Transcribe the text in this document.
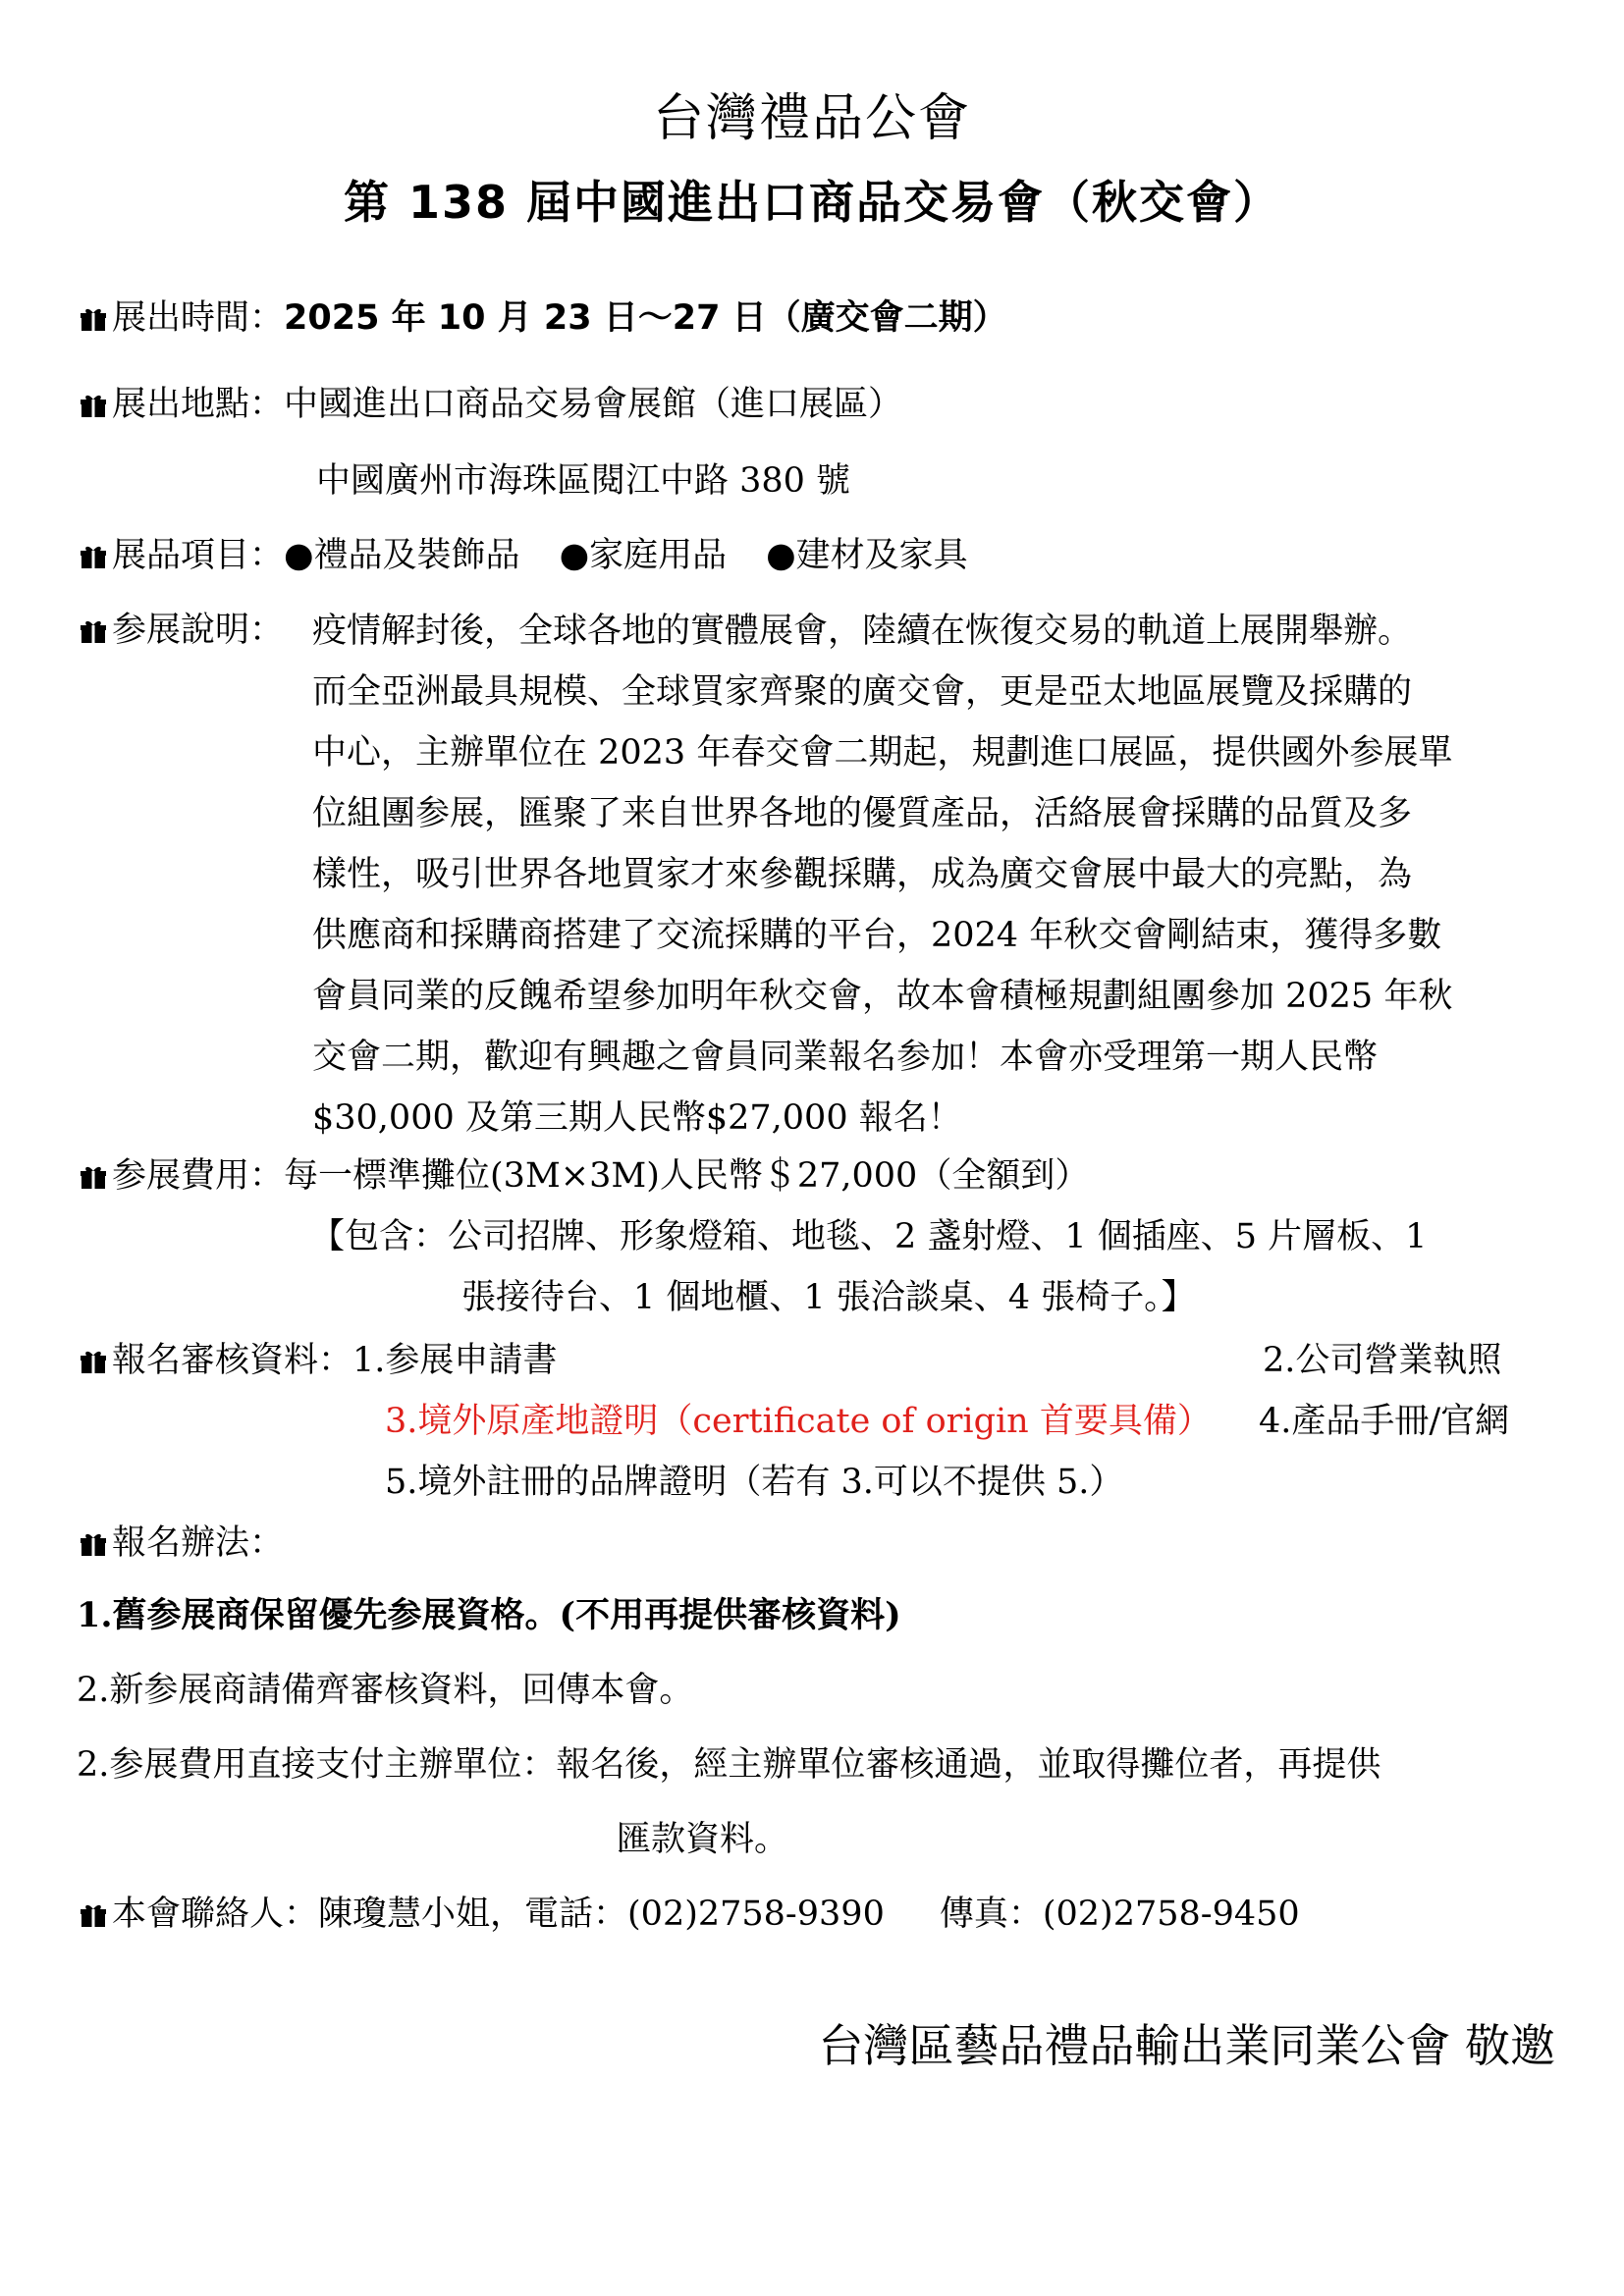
台灣禮品公會
第 138 屆中國進出口商品交易會（秋交會）
展出時間：2025 年 10 月 23 日～27 日（廣交會二期）
展出地點：中國進出口商品交易會展館（進口展區）
中國廣州市海珠區閱江中路 380 號
展品項目：●禮品及裝飾品 ●家庭用品 ●建材及家具
参展說明： 疫情解封後，全球各地的實體展會，陸續在恢復交易的軌道上展開舉辦。

而全亞洲最具規模、全球買家齊聚的廣交會，更是亞太地區展覽及採購的

中心，主辦單位在 2023 年春交會二期起，規劃進口展區，提供國外参展單

位組團参展，匯聚了来自世界各地的優質產品，活絡展會採購的品質及多

樣性，吸引世界各地買家才來參觀採購，成為廣交會展中最大的亮點，為

供應商和採購商搭建了交流採購的平台，2024 年秋交會剛結束，獲得多數

會員同業的反餽希望參加明年秋交會，故本會積極規劃組團參加 2025 年秋

交會二期，歡迎有興趣之會員同業報名参加！本會亦受理第一期人民幣

$30,000 及第三期人民幣$27,000 報名！

参展費用：每一標準攤位(3M×3M)人民幣＄27,000（全額到）
【包含：公司招牌、形象燈箱、地毯、2 盞射燈、1 個插座、5 片層板、1
張接待台、1 個地櫃、1 張洽談桌、4 張椅子。】
報名審核資料：1.参展申請書	2.公司營業執照
3.境外原產地證明（certificate of origin 首要具備） 4.產品手冊/官網
5.境外註冊的品牌證明（若有 3.可以不提供 5.）
報名辦法：
1.舊参展商保留優先参展資格。(不用再提供審核資料)
2.新参展商請備齊審核資料，回傳本會。
2.参展費用直接支付主辦單位：報名後，經主辦單位審核通過，並取得攤位者，再提供
匯款資料。
本會聯絡人：陳瓊慧小姐，電話：(02)2758-9390 傳真：(02)2758-9450
台灣區藝品禮品輸出業同業公會 敬邀
